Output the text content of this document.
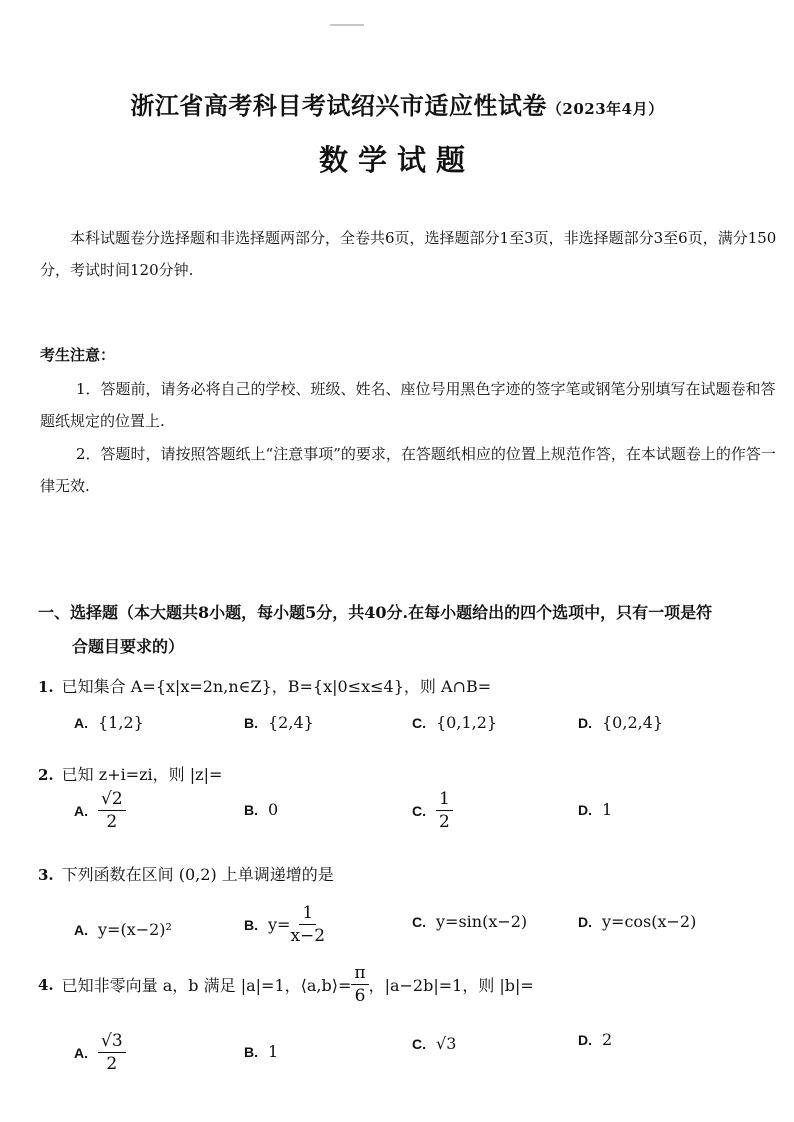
浙江省高考科目考试绍兴市适应性试卷（2023年4月）
数学试题
本科试题卷分选择题和非选择题两部分，全卷共6页，选择题部分1至3页，非选择题部分3至6页，满分150分，考试时间120分钟.
考生注意：
1．答题前，请务必将自己的学校、班级、姓名、座位号用黑色字迹的签字笔或钢笔分别填写在试题卷和答题纸规定的位置上.
2．答题时，请按照答题纸上“注意事项”的要求，在答题纸相应的位置上规范作答，在本试题卷上的作答一律无效.
一、选择题（本大题共8小题，每小题5分，共40分.在每小题给出的四个选项中，只有一项是符
合题目要求的）
1. 已知集合 A={x|x=2n,n∈Z}，B={x|0≤x≤4}，则 A∩B=
A. {1,2}	B. {2,4}	C. {0,1,2}	D. {0,2,4}
2. 已知 z+i=zi，则 |z|=
A. $\frac{√2}{2}$	B. 0	C. $\frac{1}{2}$	D. 1
3. 下列函数在区间 (0,2) 上单调递增的是
A. y=(x−2)²	B. $y= \frac{1}{x-2}$	C. y=sin(x−2)	D. y=cos(x−2)
4. 已知非零向量 a，b 满足 |a|=1，⟨a,b⟩= $\frac{\pi}{6}$ ，|a−2b|=1，则 |b|=
A. $\frac{√3}{2}$	B. 1	C. √3	D. 2
